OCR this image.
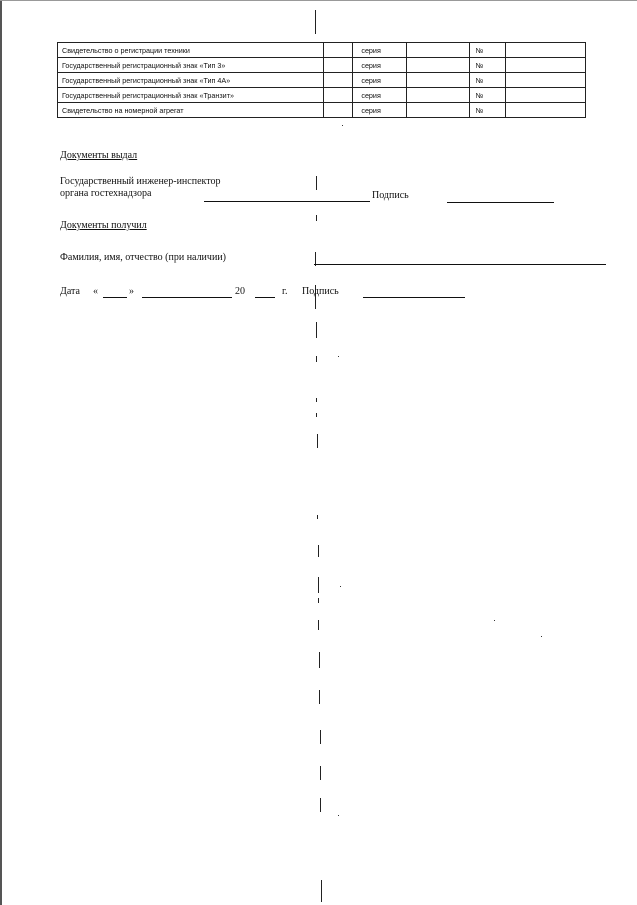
Свидетельство о регистрации техники		серия		№	
Государственный регистрационный знак «Тип 3»		серия		№	
Государственный регистрационный знак «Тип 4А»		серия		№	
Государственный регистрационный знак «Транзит»		серия		№	
Свидетельство на номерной агрегат		серия		№	
Документы выдал
Государственный инженер-инспектор
органа гостехнадзора	Подпись
Документы получил
Фамилия, имя, отчество (при наличии)
Дата «	»	20	г. Подпись
